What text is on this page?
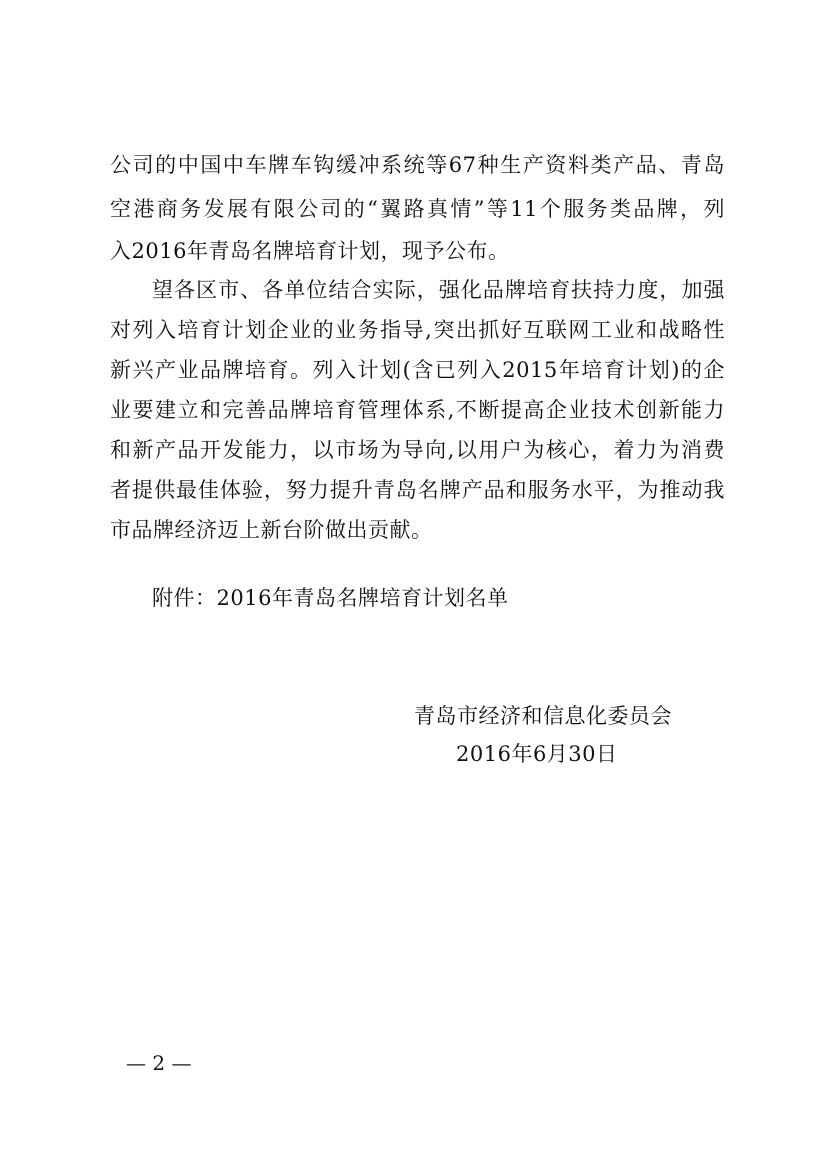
公司的中国中车牌车钩缓冲系统等67种生产资料类产品、青岛
空港商务发展有限公司的“翼路真情”等11个服务类品牌，列
入2016年青岛名牌培育计划，现予公布。
望各区市、各单位结合实际，强化品牌培育扶持力度，加强
对列入培育计划企业的业务指导,突出抓好互联网工业和战略性
新兴产业品牌培育。列入计划(含已列入2015年培育计划)的企
业要建立和完善品牌培育管理体系,不断提高企业技术创新能力
和新产品开发能力，以市场为导向,以用户为核心，着力为消费
者提供最佳体验，努力提升青岛名牌产品和服务水平，为推动我
市品牌经济迈上新台阶做出贡献。
附件：2016年青岛名牌培育计划名单
青岛市经济和信息化委员会
2016年6月30日
— 2 —
